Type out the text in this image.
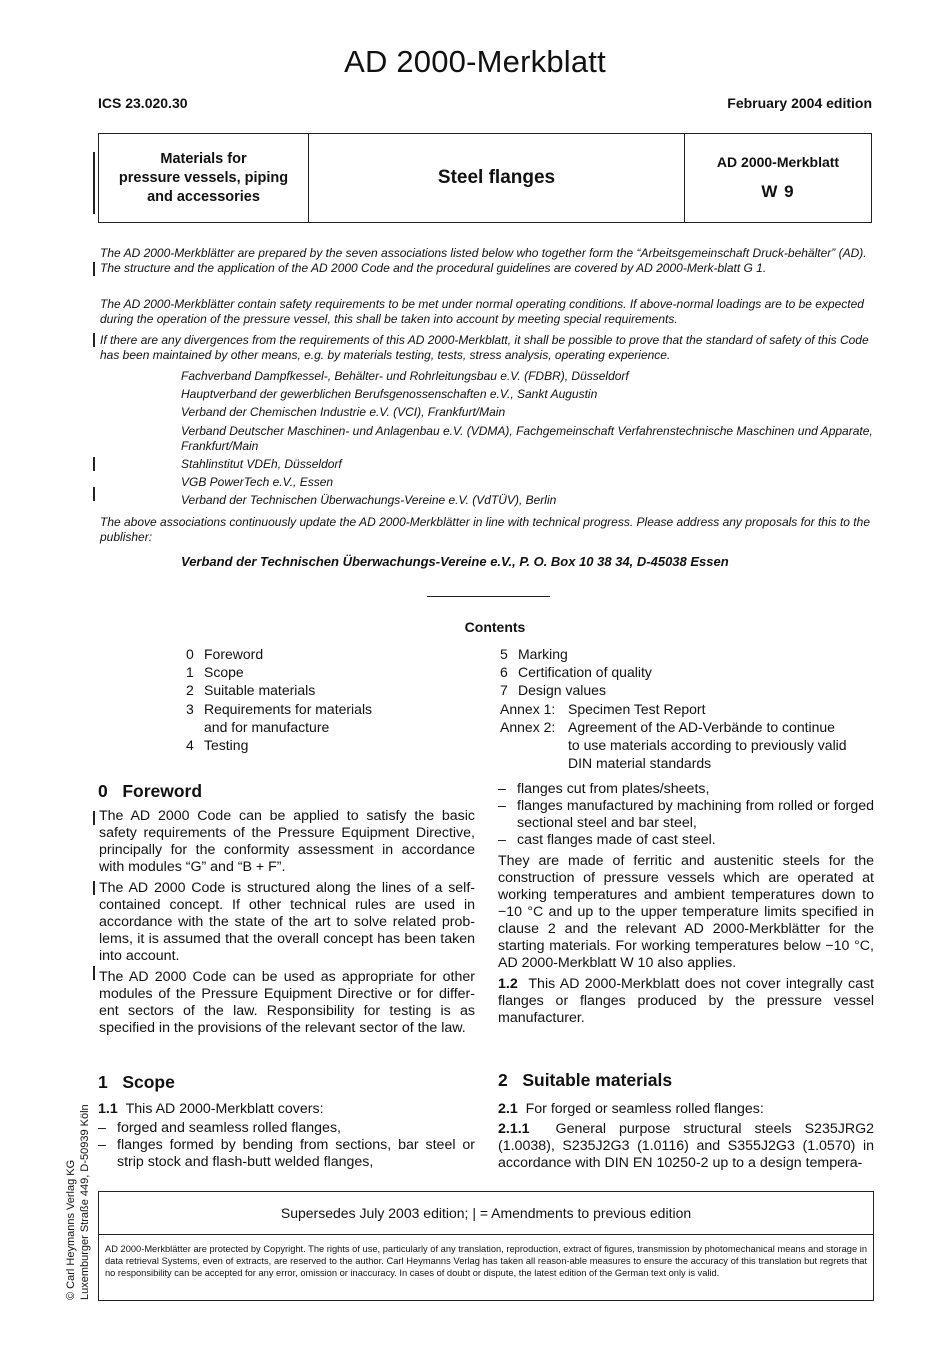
AD 2000-Merkblatt
ICS 23.020.30	February 2004 edition
Materials for
pressure vessels, piping
and accessories
Steel flanges
AD 2000-Merkblatt
W 9
The AD 2000-Merkblätter are prepared by the seven associations listed below who together form the “Arbeitsgemeinschaft Druck-behälter” (AD). The structure and the application of the AD 2000 Code and the procedural guidelines are covered by AD 2000-Merk-blatt G 1.
The AD 2000-Merkblätter contain safety requirements to be met under normal operating conditions. If above-normal loadings are to be expected during the operation of the pressure vessel, this shall be taken into account by meeting special requirements.
If there are any divergences from the requirements of this AD 2000-Merkblatt, it shall be possible to prove that the standard of safety of this Code has been maintained by other means, e.g. by materials testing, tests, stress analysis, operating experience.
Fachverband Dampfkessel-, Behälter- und Rohrleitungsbau e.V. (FDBR), Düsseldorf
Hauptverband der gewerblichen Berufsgenossenschaften e.V., Sankt Augustin
Verband der Chemischen Industrie e.V. (VCI), Frankfurt/Main
Verband Deutscher Maschinen- und Anlagenbau e.V. (VDMA), Fachgemeinschaft Verfahrenstechnische Maschinen und Apparate, Frankfurt/Main
Stahlinstitut VDEh, Düsseldorf
VGB PowerTech e.V., Essen
Verband der Technischen Überwachungs-Vereine e.V. (VdTÜV), Berlin
The above associations continuously update the AD 2000-Merkblätter in line with technical progress. Please address any proposals for this to the publisher:
Verband der Technischen Überwachungs-Vereine e.V., P. O. Box 10 38 34, D-45038 Essen
Contents
0 Foreword
1 Scope
2 Suitable materials
3 Requirements for materials
and for manufacture
4 Testing
5 Marking
6 Certification of quality
7 Design values
Annex 1: Specimen Test Report
Annex 2: Agreement of the AD-Verbände to continue
to use materials according to previously valid
DIN material standards
0 Foreword

The AD 2000 Code can be applied to satisfy the basic safety requirements of the Pressure Equipment Directive, principally for the conformity assessment in accordance with modules “G” and “B + F”.

The AD 2000 Code is structured along the lines of a self-contained concept. If other technical rules are used in accordance with the state of the art to solve related prob-lems, it is assumed that the overall concept has been taken into account.

The AD 2000 Code can be used as appropriate for other modules of the Pressure Equipment Directive or for differ-ent sectors of the law. Responsibility for testing is as specified in the provisions of the relevant sector of the law.

– flanges cut from plates/sheets,
– flanges manufactured by machining from rolled or forged sectional steel and bar steel,
– cast flanges made of cast steel.

They are made of ferritic and austenitic steels for the construction of pressure vessels which are operated at working temperatures and ambient temperatures down to −10 °C and up to the upper temperature limits specified in clause 2 and the relevant AD 2000-Merkblätter for the starting materials. For working temperatures below −10 °C, AD 2000-Merkblatt W 10 also applies.

1.2 This AD 2000-Merkblatt does not cover integrally cast flanges or flanges produced by the pressure vessel manufacturer.

1 Scope

1.1 This AD 2000-Merkblatt covers:

– forged and seamless rolled flanges,
– flanges formed by bending from sections, bar steel or strip stock and flash-butt welded flanges,
2 Suitable materials

2.1 For forged or seamless rolled flanges:

2.1.1 General purpose structural steels S235JRG2 (1.0038), S235J2G3 (1.0116) and S355J2G3 (1.0570) in accordance with DIN EN 10250-2 up to a design tempera-

Supersedes July 2003 edition; | = Amendments to previous edition
AD 2000-Merkblätter are protected by Copyright. The rights of use, particularly of any translation, reproduction, extract of figures, transmission by photomechanical means and storage in data retrieval Systems, even of extracts, are reserved to the author. Carl Heymanns Verlag has taken all reason-able measures to ensure the accuracy of this translation but regrets that no responsibility can be accepted for any error, omission or inaccuracy. In cases of doubt or dispute, the latest edition of the German text only is valid.
© Carl Heymanns Verlag KG Luxemburger Straße 449, D-50939 Köln
